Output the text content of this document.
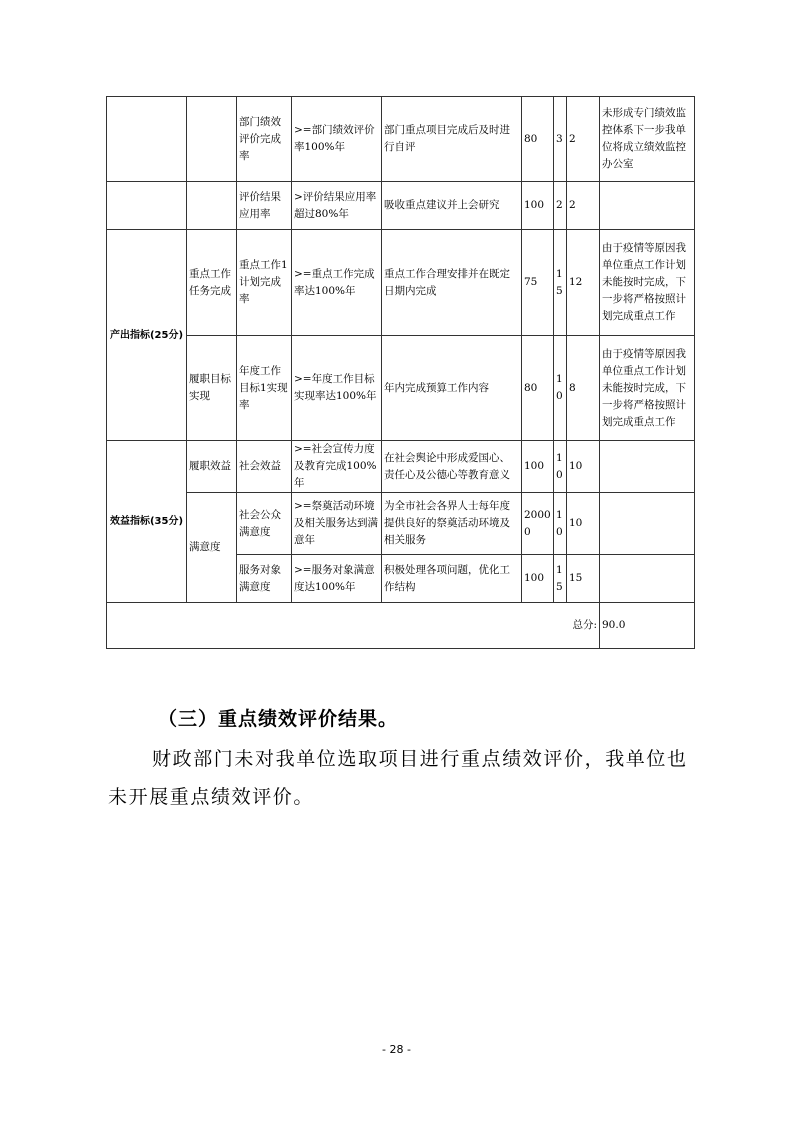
		部门绩效评价完成率	>=部门绩效评价率100%年	部门重点项目完成后及时进行自评	80	3	2	未形成专门绩效监控体系下一步我单位将成立绩效监控办公室
		评价结果应用率	>评价结果应用率超过80%年	吸收重点建议并上会研究	100	2	2	
产出指标(25分)	重点工作任务完成	重点工作1计划完成率	>=重点工作完成率达100%年	重点工作合理安排并在既定日期内完成	75	15	12	由于疫情等原因我单位重点工作计划未能按时完成，下一步将严格按照计划完成重点工作
	履职目标实现	年度工作目标1实现率	>=年度工作目标实现率达100%年	年内完成预算工作内容	80	10	8	由于疫情等原因我单位重点工作计划未能按时完成，下一步将严格按照计划完成重点工作
效益指标(35分)	履职效益	社会效益	>=社会宣传力度及教育完成100%年	在社会舆论中形成爱国心、责任心及公德心等教育意义	100	10	10	
	满意度	社会公众满意度	>=祭奠活动环境及相关服务达到满意年	为全市社会各界人士每年度提供良好的祭奠活动环境及相关服务	20000	10	10	
		服务对象满意度	>=服务对象满意度达100%年	积极处理各项问题，优化工作结构	100	15	15	
总分:								90.0
（三）重点绩效评价结果。
财政部门未对我单位选取项目进行重点绩效评价，我单位也未开展重点绩效评价。
- 28 -
